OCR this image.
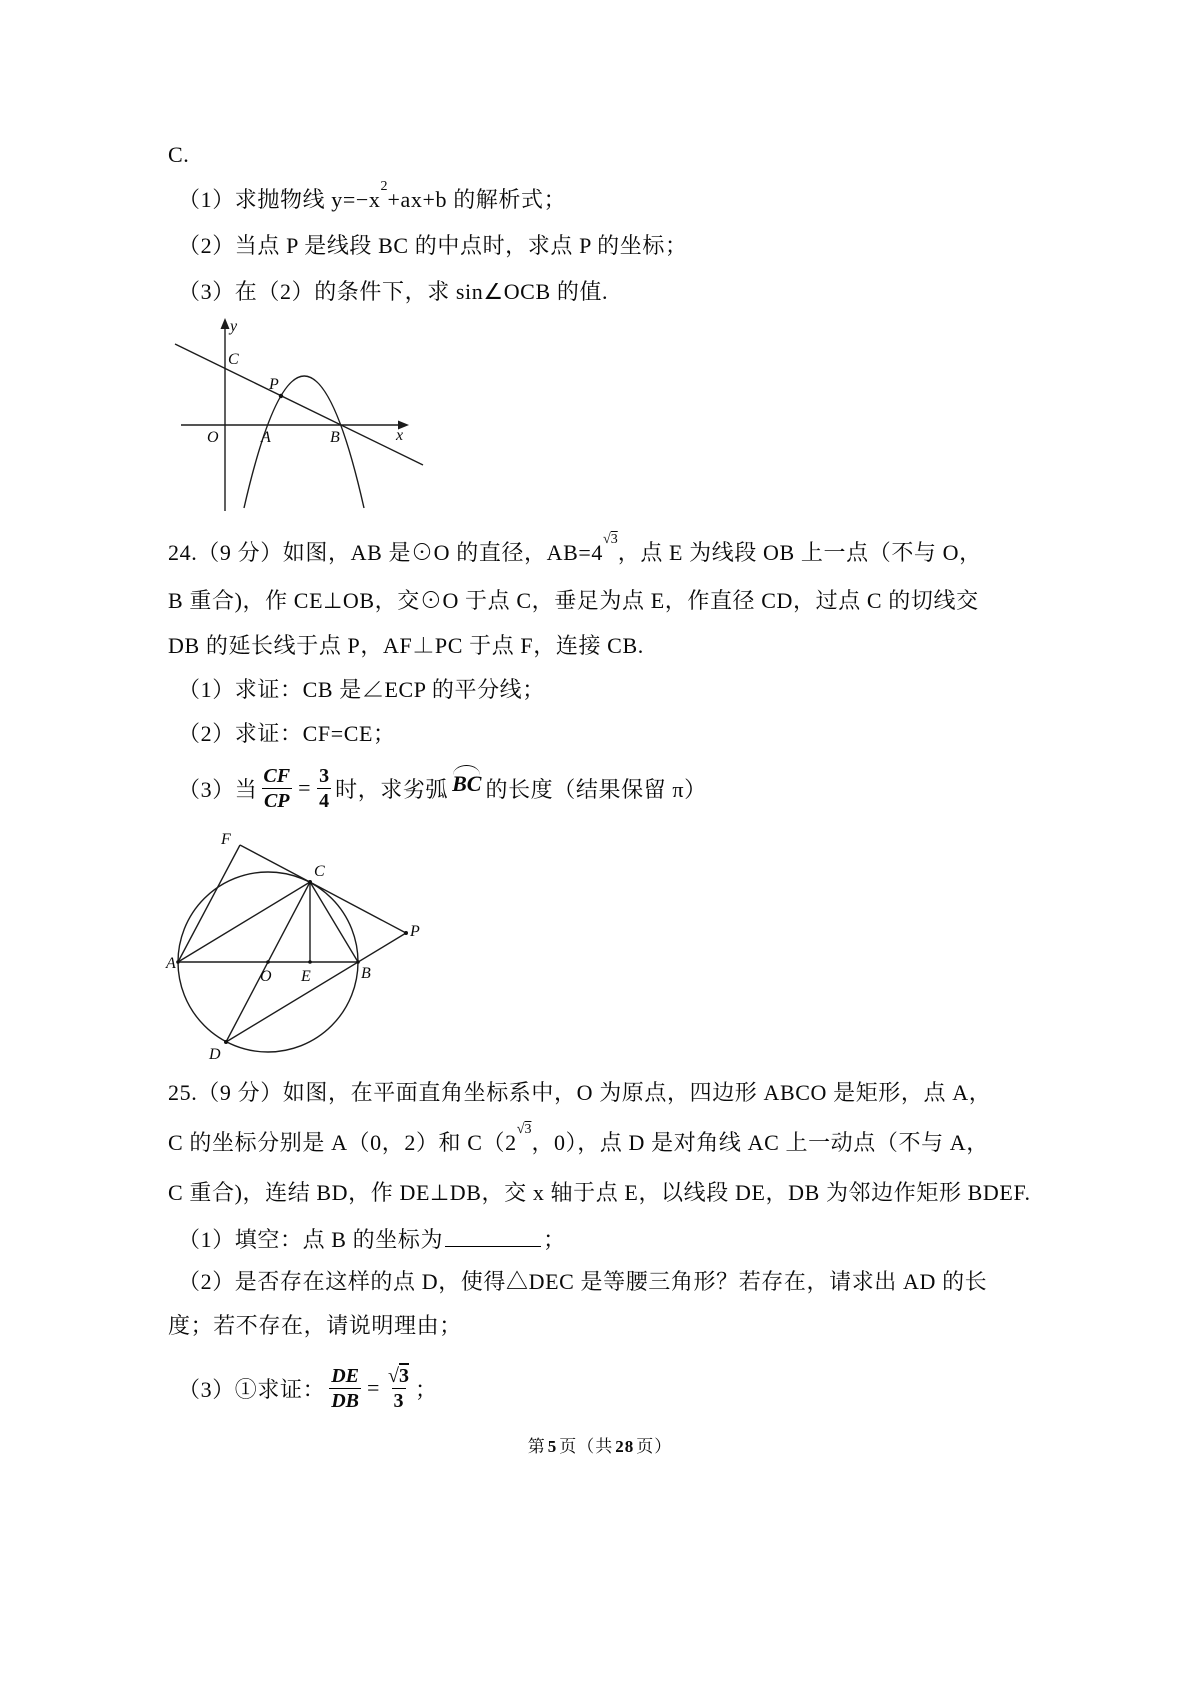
C.
（1）求抛物线 $y=-x^2+ax+b$ 的解析式；
（2）当点 P 是线段 BC 的中点时，求点 P 的坐标；
（3）在（2）的条件下，求 sin∠OCB 的值.
y
C
P
O	A	B	x
24.（9 分）如图，AB 是⊙O 的直径，$AB=4^{√3}$，点 E 为线段 OB 上一点（不与 O，
B 重合)，作 CE⊥OB，交⊙O 于点 C，垂足为点 E，作直径 CD，过点 C 的切线交
DB 的延长线于点 P，AF⊥PC 于点 F，连接 CB.
（1）求证：CB 是∠ECP 的平分线；
（2）求证：CF=CE；
（3）当 $\frac{CF}{CP} = \frac{3}{4}$ 时，求劣弧 BC 的长度（结果保留 π）
F
C
A
O E	B
P
D
25.（9 分）如图，在平面直角坐标系中，O 为原点，四边形 ABCO 是矩形，点 A，
C 的坐标分别是 A（0，2）和 $C(2^{√3}$，0），点 D 是对角线 AC 上一动点（不与 A，
C 重合)，连结 BD，作 DE⊥DB，交 x 轴于点 E，以线段 DE，DB 为邻边作矩形 BDEF.
（1）填空：点 B 的坐标为	；
（2）是否存在这样的点 D，使得△DEC 是等腰三角形？若存在，请求出 AD 的长
度；若不存在，请说明理由；
（3）①求证： $\frac{DE}{DB} = \frac{√3}{3}$ ；
第 5 页（共 28 页）
